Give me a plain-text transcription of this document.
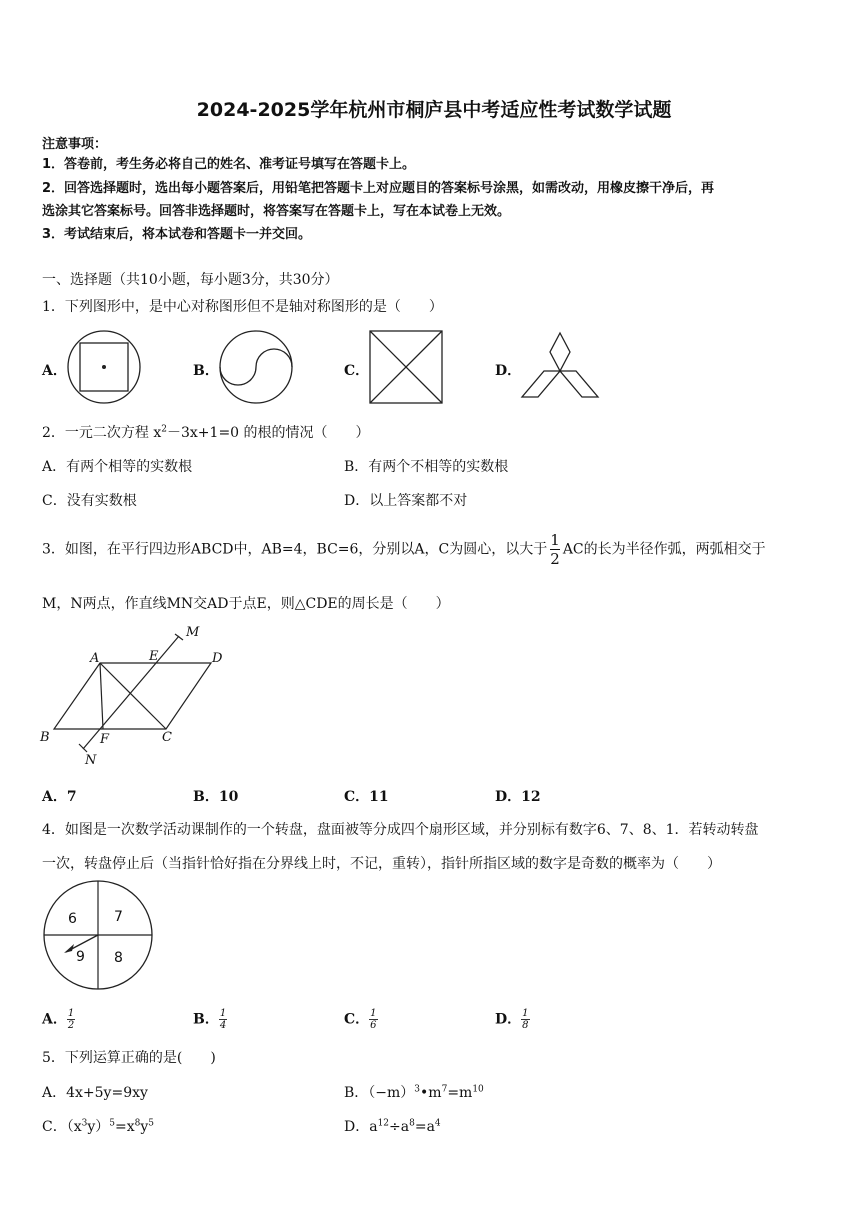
2024-2025学年杭州市桐庐县中考适应性考试数学试题
注意事项：
1．答卷前，考生务必将自己的姓名、准考证号填写在答题卡上。
2．回答选择题时，选出每小题答案后，用铅笔把答题卡上对应题目的答案标号涂黑，如需改动，用橡皮擦干净后，再
选涂其它答案标号。回答非选择题时，将答案写在答题卡上，写在本试卷上无效。
3．考试结束后，将本试卷和答题卡一并交回。
一、选择题（共10小题，每小题3分，共30分）
1．下列图形中，是中心对称图形但不是轴对称图形的是（　　）
A．	B．	C．	D．
2．一元二次方程 $x^2-3x+1=0$ 的根的情况（　　）
A．有两个相等的实数根	B．有两个不相等的实数根
C．没有实数根	D．以上答案都不对
3．如图，在平行四边形ABCD中，AB=4，BC=6，分别以A，C为圆心，以大于 $\frac{1}{2}$ AC的长为半径作弧，两弧相交于
M，N两点，作直线MN交AD于点E，则△CDE的周长是（　　）
A	E	D
M
B	F	C
N
A．7	B．10	C．11	D．12
4．如图是一次数学活动课制作的一个转盘，盘面被等分成四个扇形区域，并分别标有数字6、7、8、1．若转动转盘
一次，转盘停止后（当指针恰好指在分界线上时，不记，重转），指针所指区域的数字是奇数的概率为（　　）
6	7
9 8
A． $\frac{1}{2}$	B． $\frac{1}{4}$	C． $\frac{1}{6}$	D． $\frac{1}{8}$
5．下列运算正确的是(　　)
A．4x+5y=9xy	B．$(-m)^3•m^7=m^{10}$
C．$(x^3y)^5=x^8y^5$	D．$a^{12}\div a^8=a^4$
